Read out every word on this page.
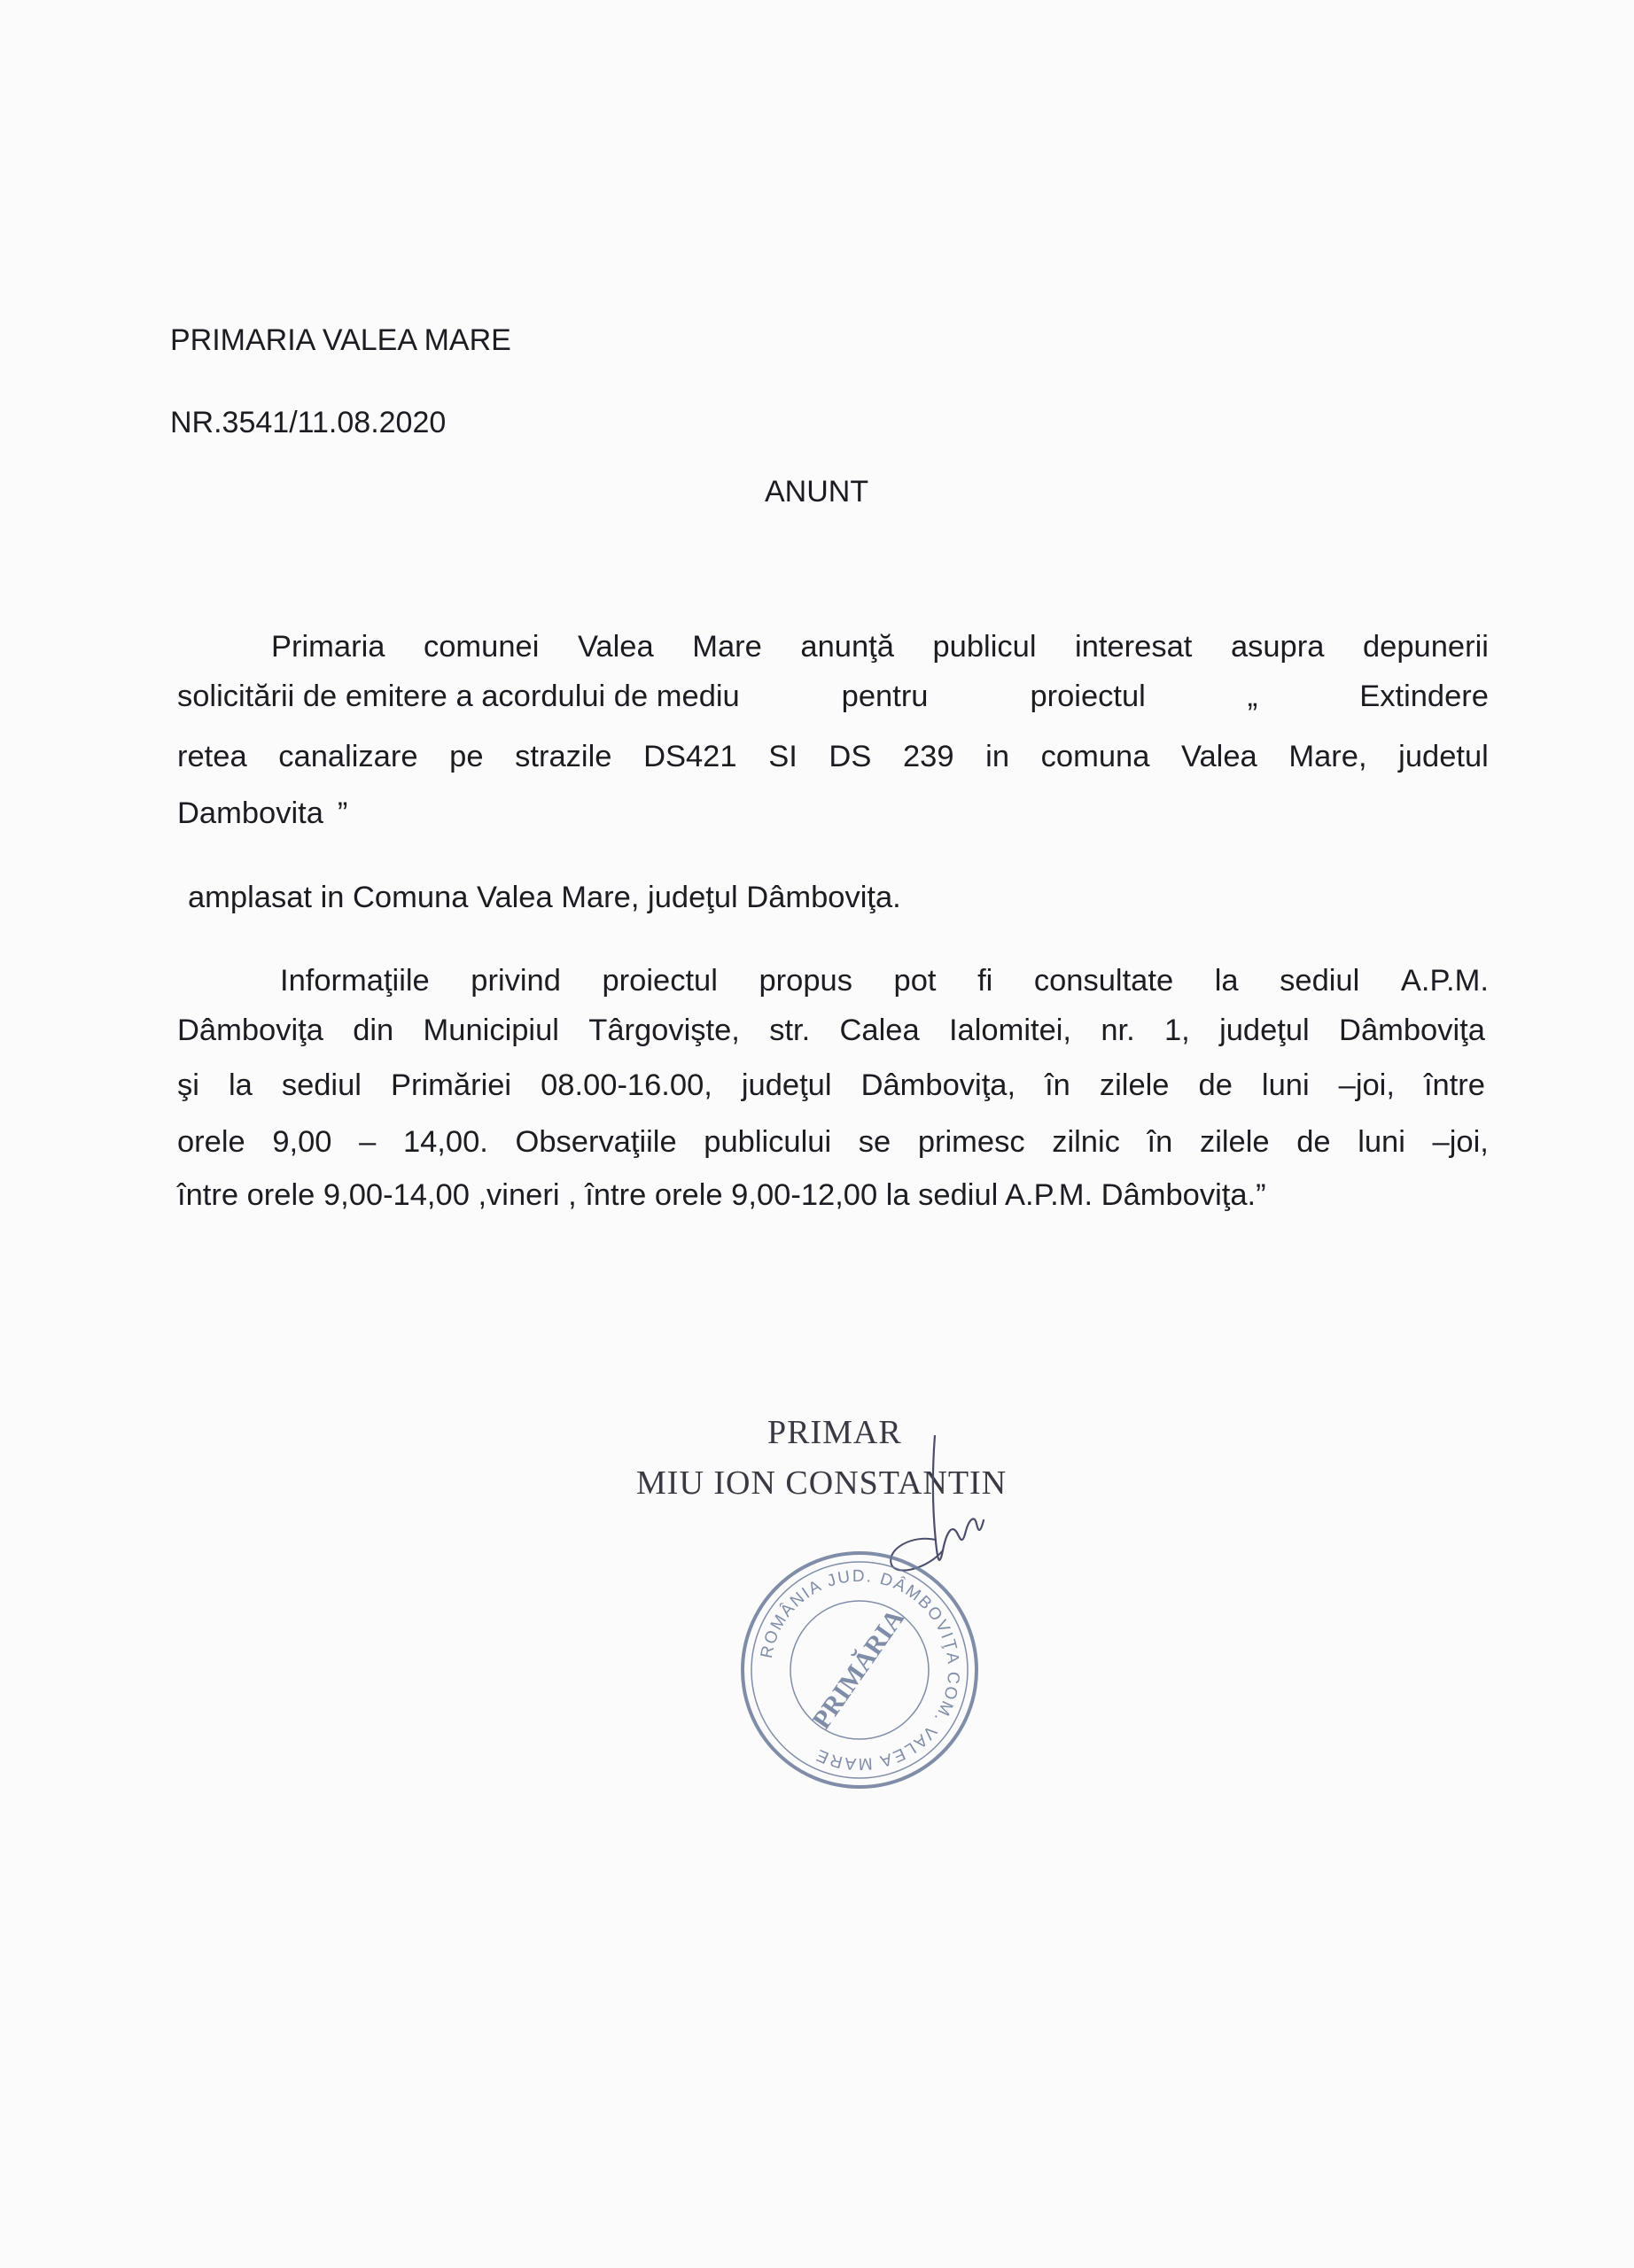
PRIMARIA VALEA MARE
NR.3541/11.08.2020
ANUNT
Primaria comunei Valea Mare anunţă publicul interesat asupra depunerii
solicitării de emitere a acordului de mediu	pentru	proiectul	„	Extindere
retea canalizare pe strazile DS421 SI DS 239 in comuna Valea Mare, judetul
Dambovita ”
amplasat in Comuna Valea Mare, judeţul Dâmboviţa.
Informaţiile privind proiectul propus pot fi consultate la sediul A.P.M.
Dâmboviţa din Municipiul Târgovişte, str. Calea Ialomitei, nr. 1, judeţul Dâmboviţa
şi la sediul Primăriei 08.00-16.00, judeţul Dâmboviţa, în zilele de luni –joi, între
orele 9,00 – 14,00. Observaţiile publicului se primesc zilnic în zilele de luni –joi,
între orele 9,00-14,00 ,vineri , între orele 9,00-12,00 la sediul A.P.M. Dâmboviţa.”
PRIMAR
MIU ION CONSTANTIN
ROMÂNIA JUD. DÂMBOVIŢA COM. VALEA MARE
PRIMĂRIA
